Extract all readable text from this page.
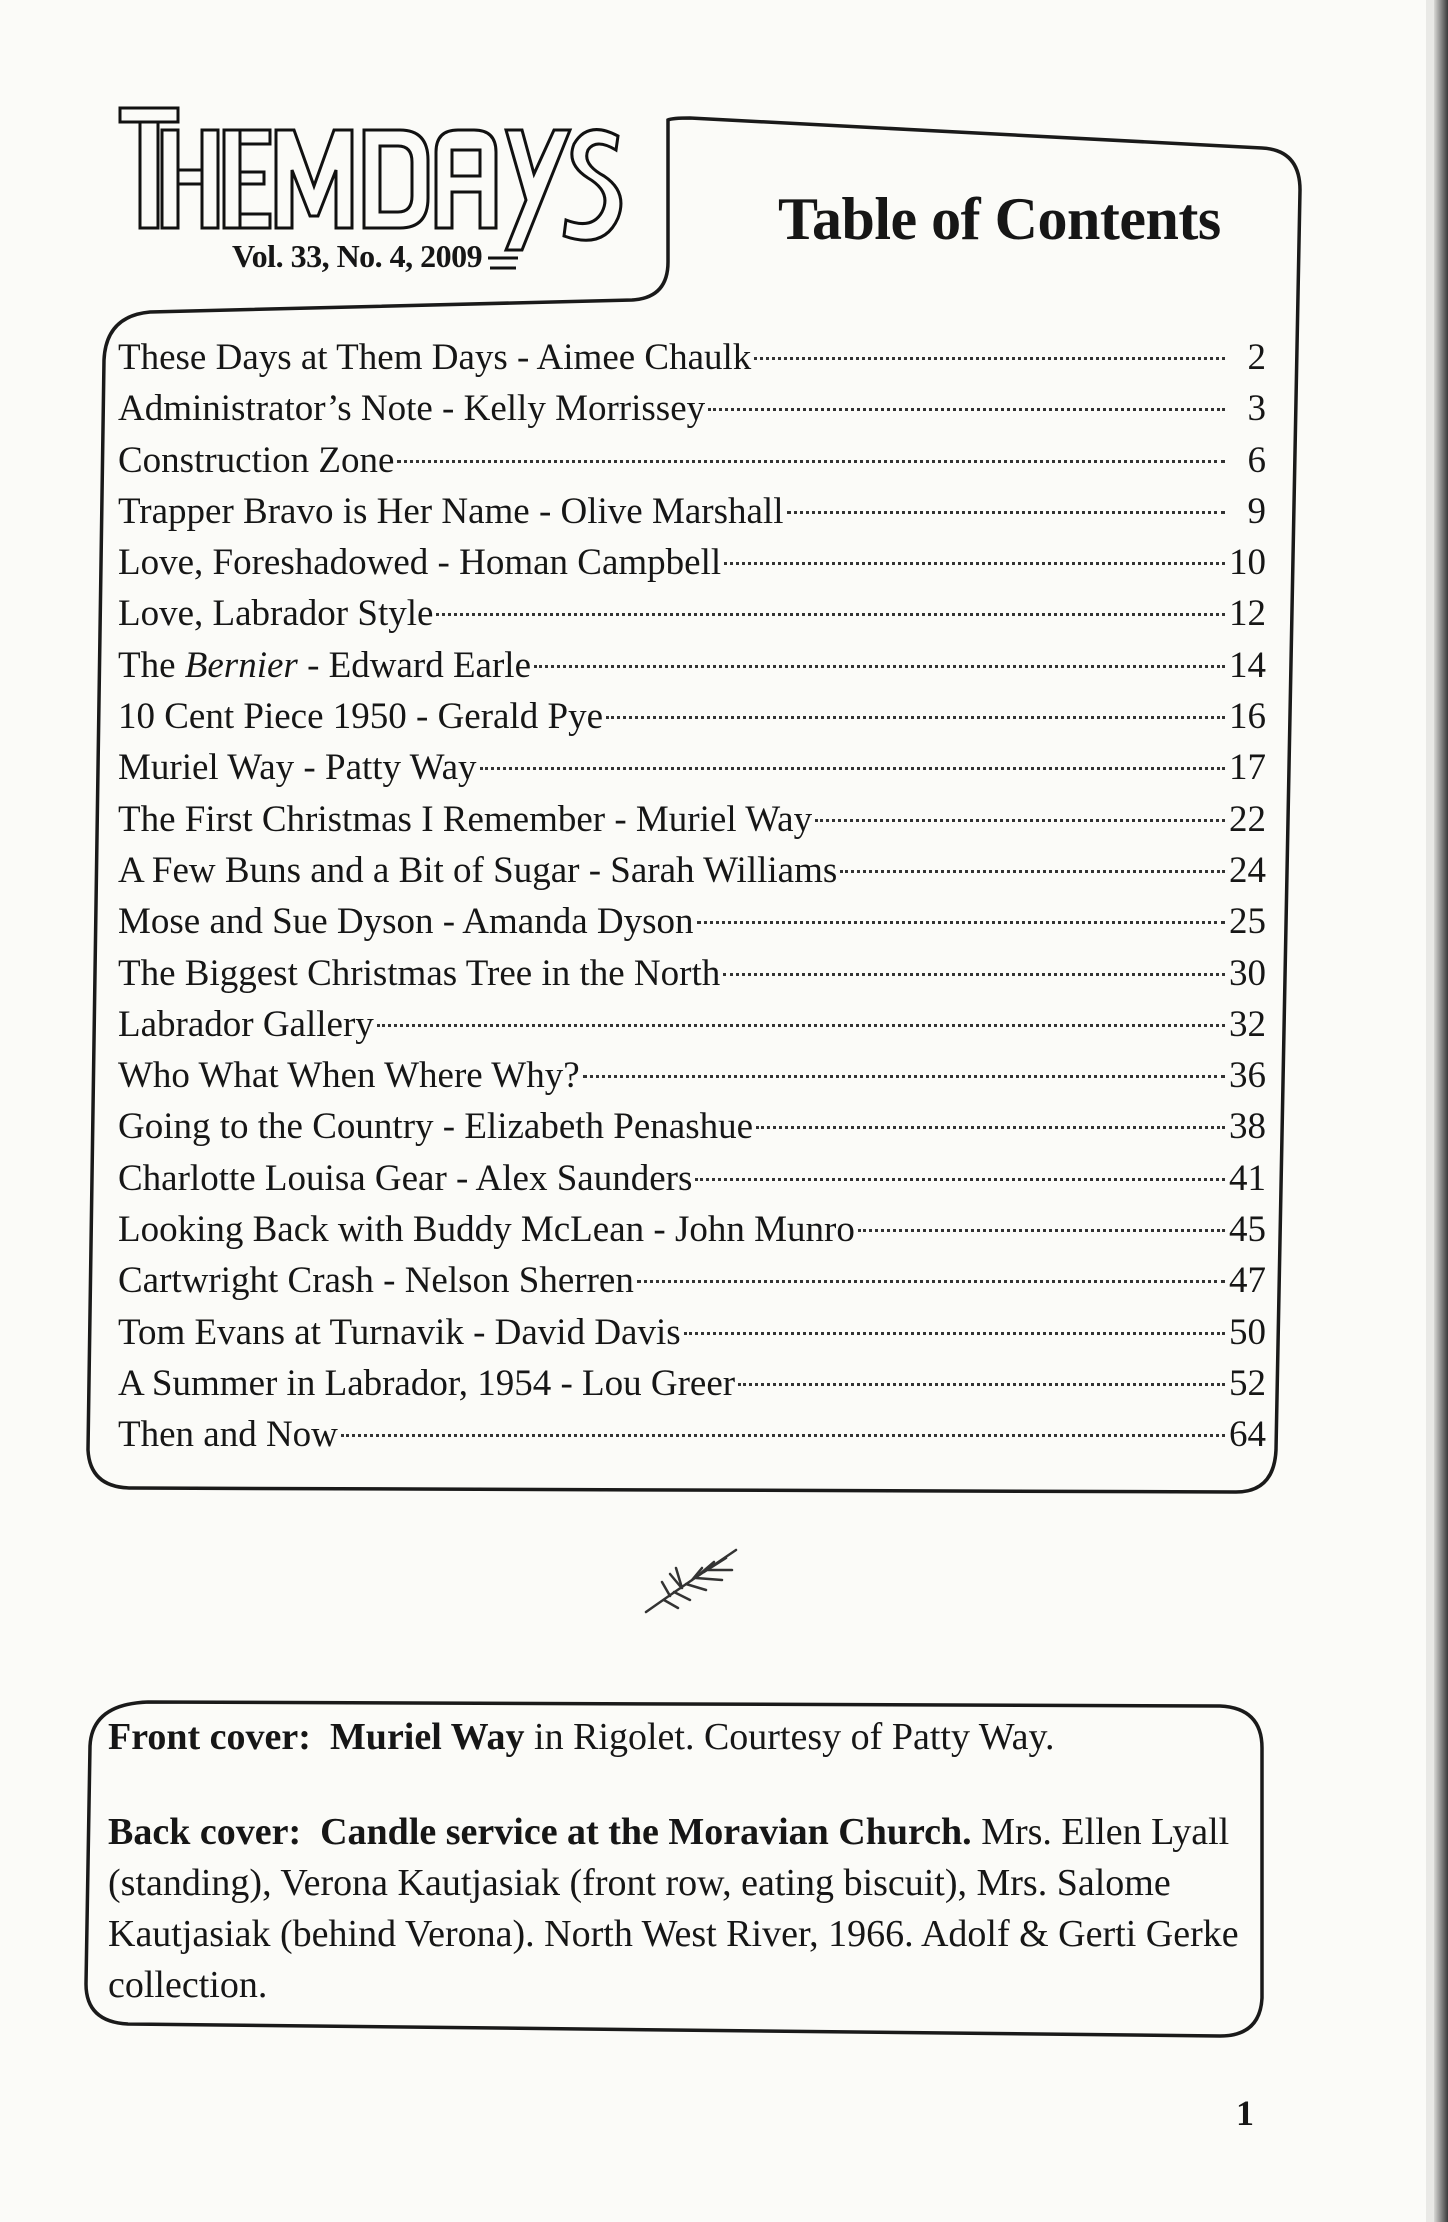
Vol. 33, No. 4, 2009
Table of Contents
These Days at Them Days - Aimee Chaulk	2
Administrator’s Note - Kelly Morrissey	3
Construction Zone	6
Trapper Bravo is Her Name - Olive Marshall	9
Love, Foreshadowed - Homan Campbell	10
Love, Labrador Style	12
The Bernier - Edward Earle	14
10 Cent Piece 1950 - Gerald Pye	16
Muriel Way - Patty Way	17
The First Christmas I Remember - Muriel Way	22
A Few Buns and a Bit of Sugar - Sarah Williams	24
Mose and Sue Dyson - Amanda Dyson	25
The Biggest Christmas Tree in the North	30
Labrador Gallery	32
Who What When Where Why?	36
Going to the Country - Elizabeth Penashue	38
Charlotte Louisa Gear - Alex Saunders	41
Looking Back with Buddy McLean - John Munro	45
Cartwright Crash - Nelson Sherren	47
Tom Evans at Turnavik - David Davis	50
A Summer in Labrador, 1954 - Lou Greer	52
Then and Now	64

Front cover: Muriel Way in Rigolet. Courtesy of Patty Way.

Back cover: Candle service at the Moravian Church. Mrs. Ellen Lyall (standing), Verona Kautjasiak (front row, eating biscuit), Mrs. Salome Kautjasiak (behind Verona). North West River, 1966. Adolf & Gerti Gerke collection.

1
